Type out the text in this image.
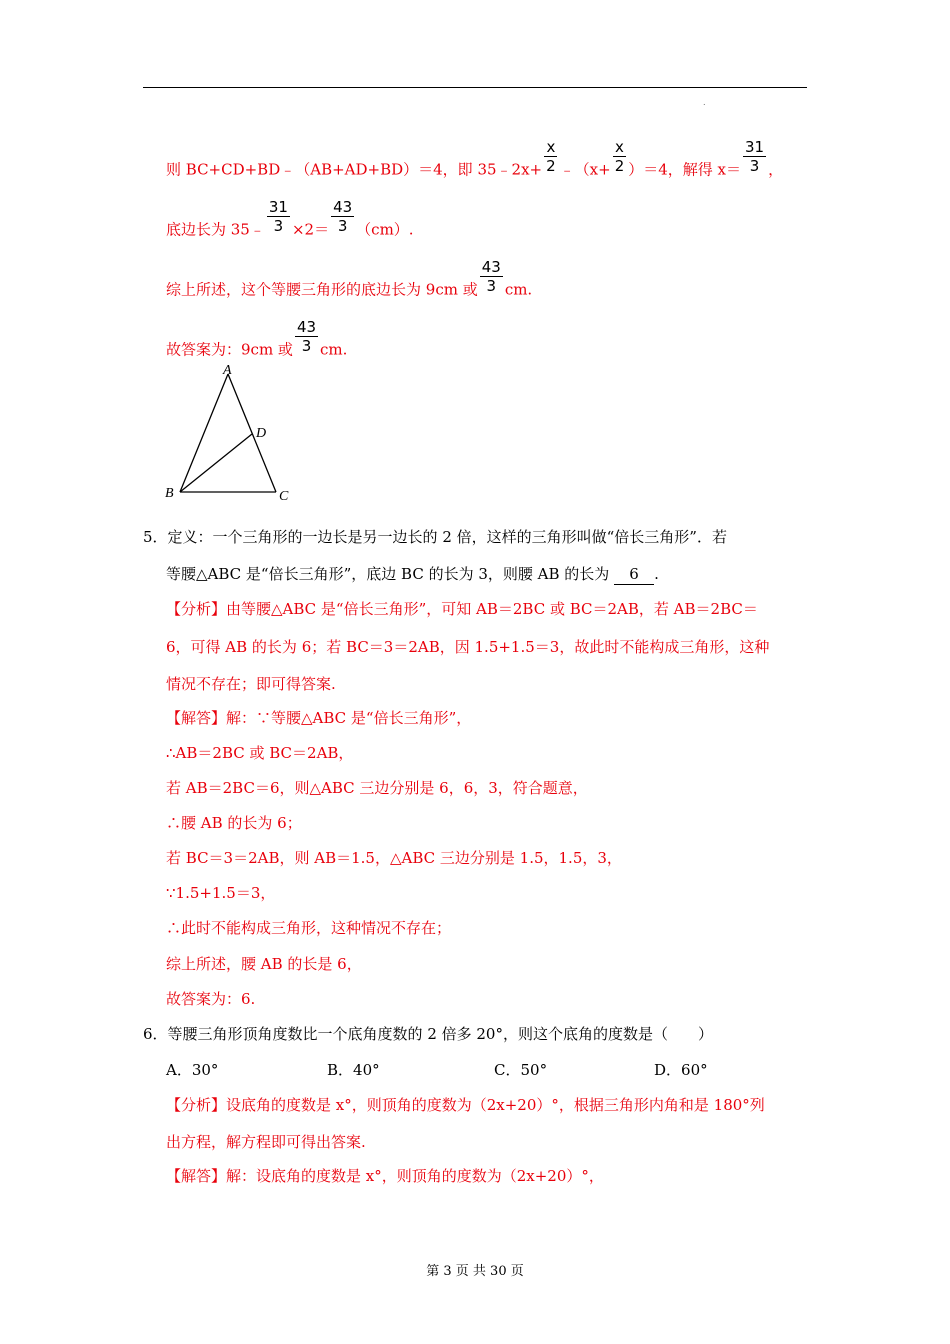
.
则 BC+CD+BD﹣（AB+AD+BD）＝4，即 35﹣2x+ $\frac{x}{2}$ ﹣（x+ $\frac{x}{2} )=4$，解得 $x= \frac{31}{3}$ ，
底边长为 35﹣ $\frac{31}{3} \times 2= \frac{43}{3} (cm)$.
综上所述，这个等腰三角形的底边长为 9cm 或 $\frac{43}{3}$ cm.
故答案为：9cm 或 $\frac{43}{3}$ cm.
A
B	C
D
5．定义：一个三角形的一边长是另一边长的 2 倍，这样的三角形叫做“倍长三角形”．若
等腰△ABC 是“倍长三角形”，底边 BC 的长为 3，则腰 AB 的长为 6 .
【分析】由等腰△ABC 是“倍长三角形”，可知 AB＝2BC 或 BC＝2AB，若 AB＝2BC＝
6，可得 AB 的长为 6；若 BC＝3＝2AB，因 1.5+1.5＝3，故此时不能构成三角形，这种
情况不存在；即可得答案.
【解答】解：∵等腰△ABC 是“倍长三角形”，
∴AB＝2BC 或 BC＝2AB，
若 AB＝2BC＝6，则△ABC 三边分别是 6，6，3，符合题意，
∴腰 AB 的长为 6；
若 BC＝3＝2AB，则 AB＝1.5，△ABC 三边分别是 1.5，1.5，3，
∵1.5+1.5＝3，
∴此时不能构成三角形，这种情况不存在；
综上所述，腰 AB 的长是 6，
故答案为：6.
6．等腰三角形顶角度数比一个底角度数的 2 倍多 20°，则这个底角的度数是（　　）
A．30°	B．40°	C．50°	D．60°
【分析】设底角的度数是 x°，则顶角的度数为（2x+20）°，根据三角形内角和是 180°列
出方程，解方程即可得出答案.
【解答】解：设底角的度数是 x°，则顶角的度数为（2x+20）°，
第 3 页 共 30 页
